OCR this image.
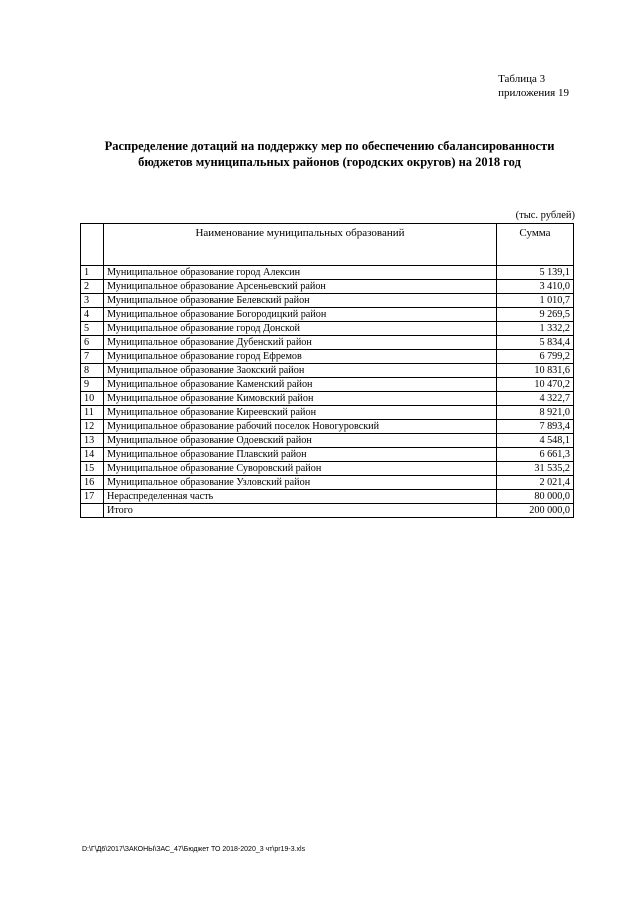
Таблица 3
приложения 19
Распределение дотаций на поддержку мер по обеспечению сбалансированности
бюджетов муниципальных районов (городских округов) на 2018 год
(тыс. рублей)
	Наименование муниципальных образований	Сумма
1	Муниципальное образование город Алексин	5 139,1
2	Муниципальное образование Арсеньевский район	3 410,0
3	Муниципальное образование Белевский район	1 010,7
4	Муниципальное образование Богородицкий район	9 269,5
5	Муниципальное образование город Донской	1 332,2
6	Муниципальное образование Дубенский район	5 834,4
7	Муниципальное образование город Ефремов	6 799,2
8	Муниципальное образование Заокский район	10 831,6
9	Муниципальное образование Каменский район	10 470,2
10	Муниципальное образование Кимовский район	4 322,7
11	Муниципальное образование Киреевский район	8 921,0
12	Муниципальное образование рабочий поселок Новогуровский	7 893,4
13	Муниципальное образование Одоевский район	4 548,1
14	Муниципальное образование Плавский район	6 661,3
15	Муниципальное образование Суворовский район	31 535,2
16	Муниципальное образование Узловский район	2 021,4
17	Нераспределенная часть	80 000,0
	Итого	200 000,0
D:\Г\Д6\2017\ЗАКОНЫ\ЗАС_47\Бюджет ТО 2018-2020_3 чт\pr19-3.xls
